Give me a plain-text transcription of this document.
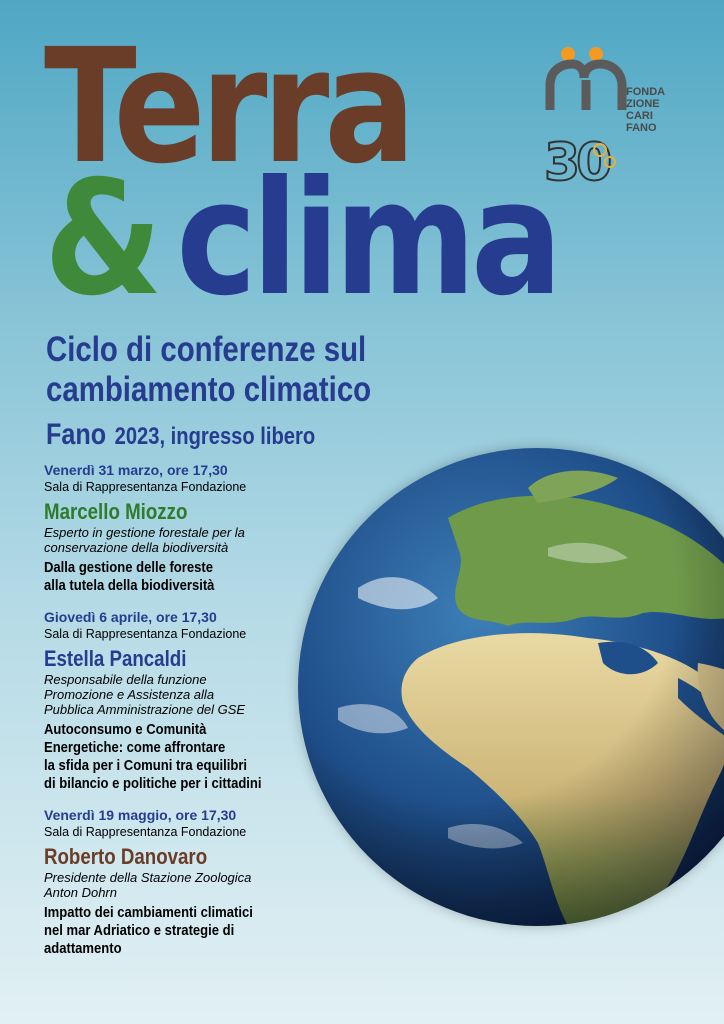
Terra
& clima
FONDA
ZIONE
CARI
FANO
30
Ciclo di conferenze sul
cambiamento climatico
Fano 2023, ingresso libero
Venerdì 31 marzo, ore 17,30
Sala di Rappresentanza Fondazione
Marcello Miozzo
Esperto in gestione forestale per la
conservazione della biodiversità
Dalla gestione delle foreste
alla tutela della biodiversità
Giovedì 6 aprile, ore 17,30
Sala di Rappresentanza Fondazione
Estella Pancaldi
Responsabile della funzione
Promozione e Assistenza alla
Pubblica Amministrazione del GSE
Autoconsumo e Comunità
Energetiche: come affrontare
la sfida per i Comuni tra equilibri
di bilancio e politiche per i cittadini
Venerdì 19 maggio, ore 17,30
Sala di Rappresentanza Fondazione
Roberto Danovaro
Presidente della Stazione Zoologica
Anton Dohrn
Impatto dei cambiamenti climatici
nel mar Adriatico e strategie di
adattamento
